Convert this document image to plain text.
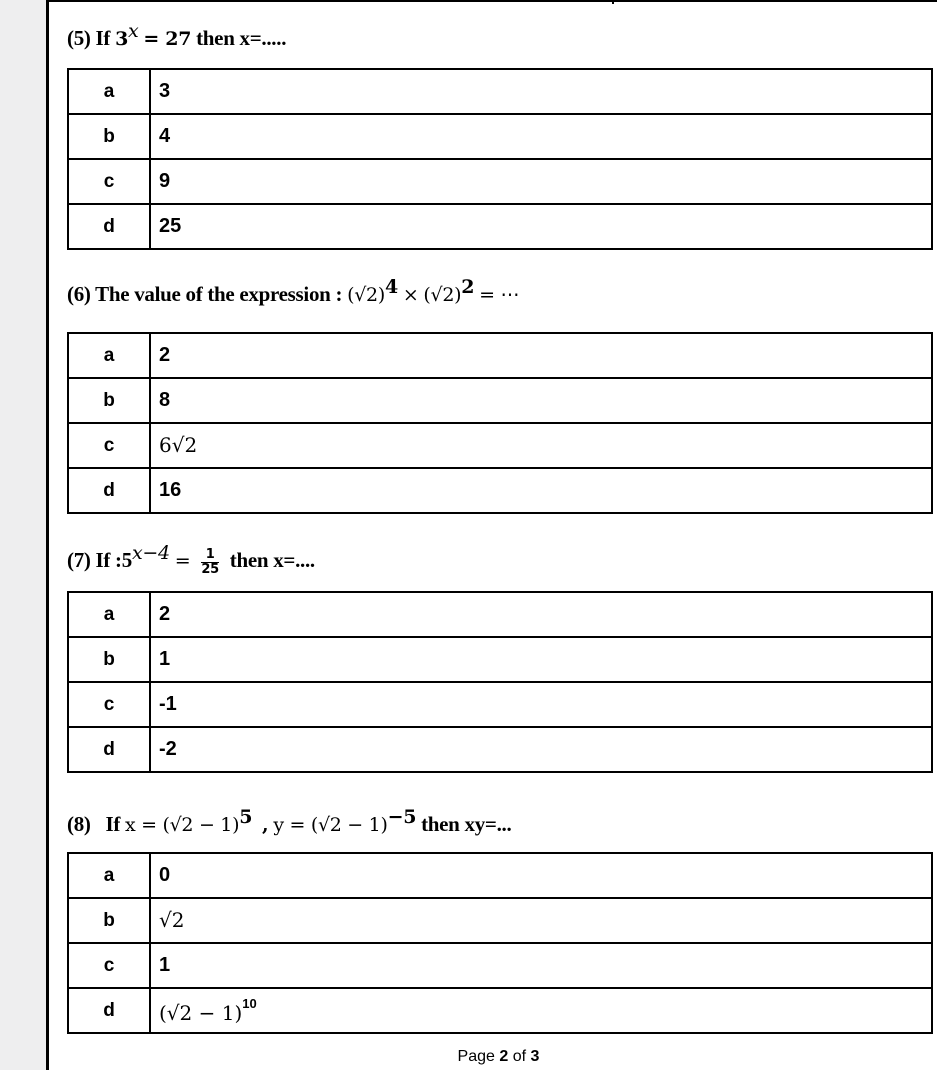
(5) If $3^x = 27$ then x=.....
a	3
b	4
c	9
d	25
(6) The value of the expression : $(√2)^4 \times (√2)^2$ = ⋯
a	2
b	8
c	6√2
d	16
(7) If $:5^{x-4} = \frac{1}{25}$ then x=....
a	2
b	1
c	-1
d	-2
(8) If $x = (√2 - 1)^5$ , $y = (√2 - 1)^{-5}$ then xy=...
a	0
b	√2
c	1
d	$(√2 - 1)^{10}$
Page 2 of 3
